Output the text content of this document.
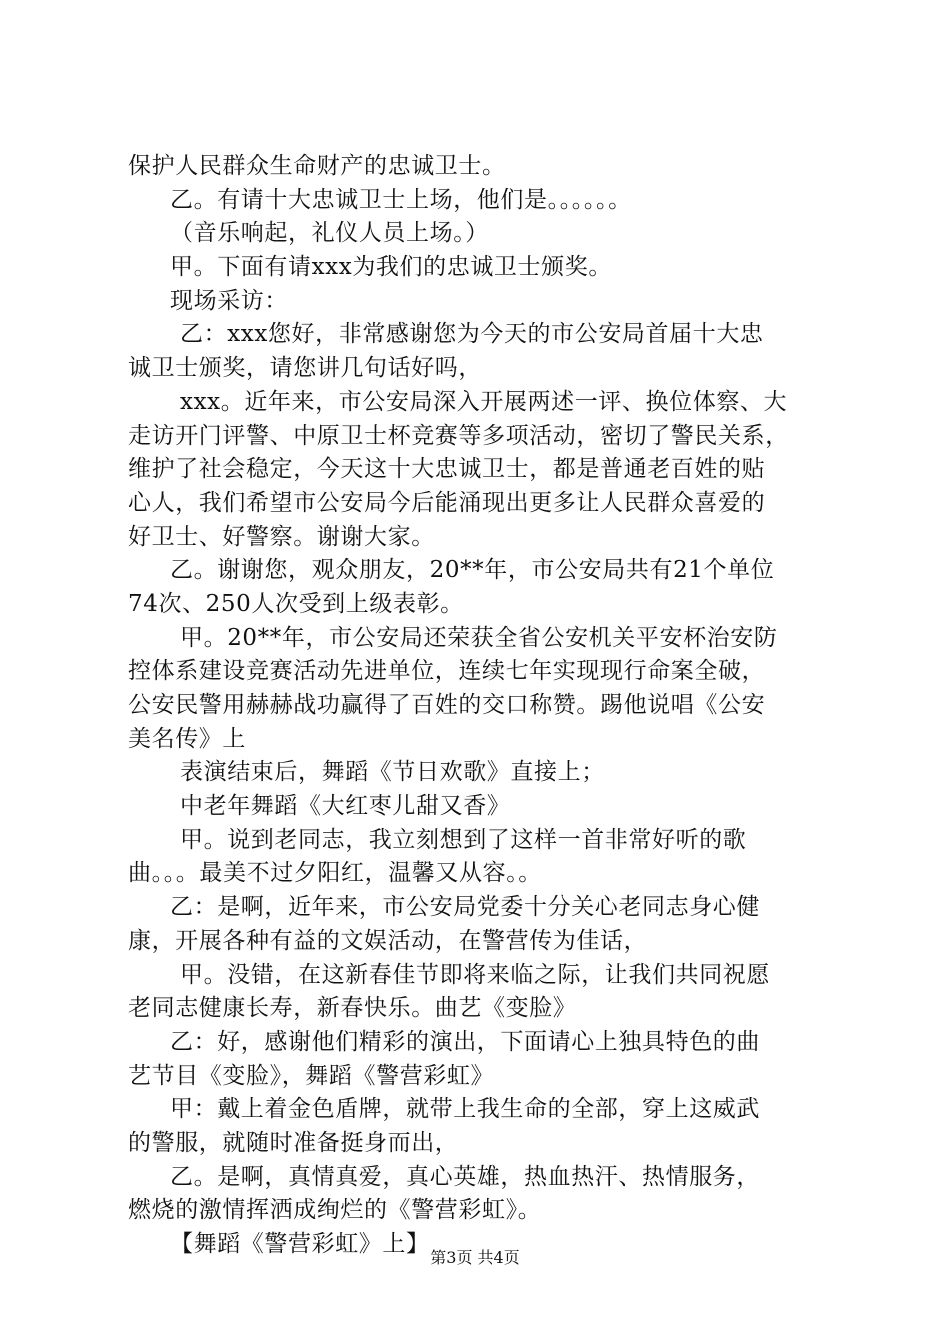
保护人民群众生命财产的忠诚卫士。
乙。有请十大忠诚卫士上场，他们是。。。。。。
（音乐响起，礼仪人员上场。）
甲。下面有请xxx为我们的忠诚卫士颁奖。
现场采访：
乙：xxx您好，非常感谢您为今天的市公安局首届十大忠
诚卫士颁奖，请您讲几句话好吗，
xxx。近年来，市公安局深入开展两述一评、换位体察、大
走访开门评警、中原卫士杯竞赛等多项活动，密切了警民关系，
维护了社会稳定，今天这十大忠诚卫士，都是普通老百姓的贴
心人，我们希望市公安局今后能涌现出更多让人民群众喜爱的
好卫士、好警察。谢谢大家。
乙。谢谢您，观众朋友，20**年，市公安局共有21个单位
74次、250人次受到上级表彰。
甲。20**年，市公安局还荣获全省公安机关平安杯治安防
控体系建设竞赛活动先进单位，连续七年实现现行命案全破，
公安民警用赫赫战功赢得了百姓的交口称赞。踢他说唱《公安
美名传》上
表演结束后，舞蹈《节日欢歌》直接上；
中老年舞蹈《大红枣儿甜又香》
甲。说到老同志，我立刻想到了这样一首非常好听的歌
曲。。。最美不过夕阳红，温馨又从容。。
乙：是啊，近年来，市公安局党委十分关心老同志身心健
康，开展各种有益的文娱活动，在警营传为佳话，
甲。没错，在这新春佳节即将来临之际，让我们共同祝愿
老同志健康长寿，新春快乐。曲艺《变脸》
乙：好，感谢他们精彩的演出，下面请心上独具特色的曲
艺节目《变脸》，舞蹈《警营彩虹》
甲：戴上着金色盾牌，就带上我生命的全部，穿上这威武
的警服，就随时准备挺身而出，
乙。是啊，真情真爱，真心英雄，热血热汗、热情服务，
燃烧的激情挥洒成绚烂的《警营彩虹》。
【舞蹈《警营彩虹》上】
第3页 共4页
